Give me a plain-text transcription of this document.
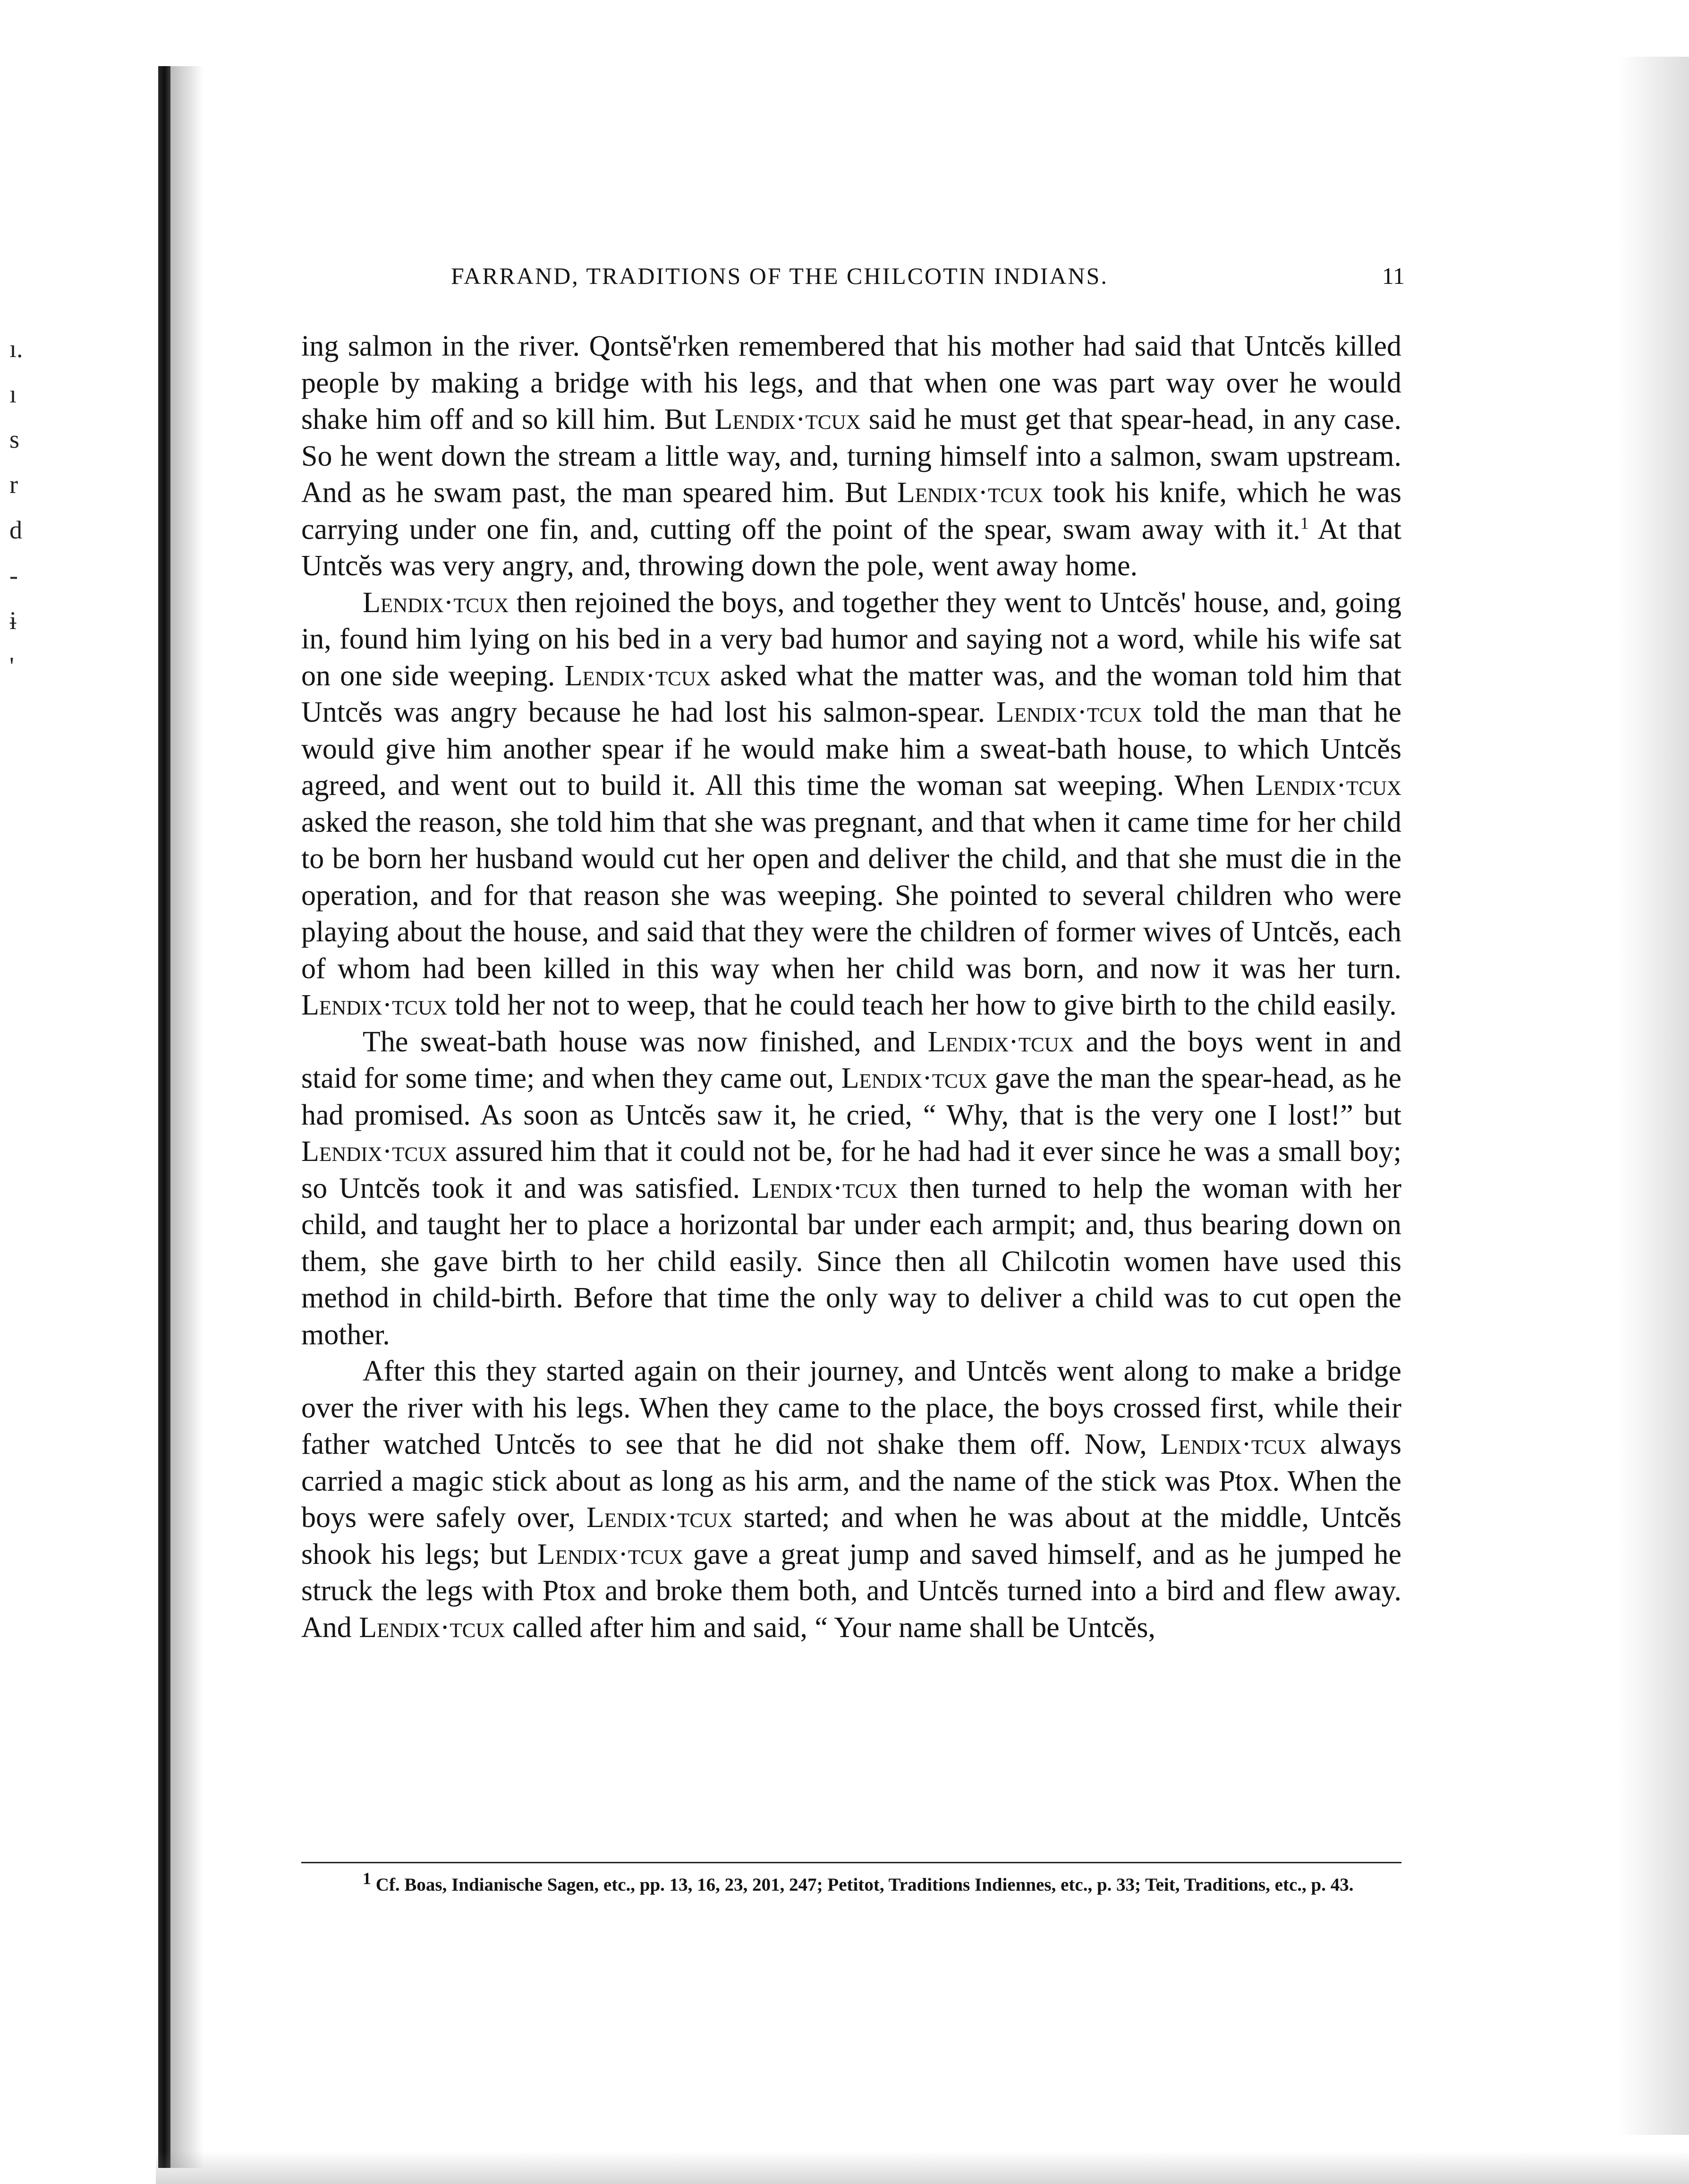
ı.
ı
s
r
d
-
ɨ
'
FARRAND, TRADITIONS OF THE CHILCOTIN INDIANS.	11

ing salmon in the river. Qontsĕ'rken remembered that his mother had said that Untcĕs killed people by making a bridge with his legs, and that when one was part way over he would shake him off and so kill him. But Lendix·tcux said he must get that spear-head, in any case. So he went down the stream a little way, and, turning himself into a salmon, swam upstream. And as he swam past, the man speared him. But Lendix·tcux took his knife, which he was carrying under one fin, and, cutting off the point of the spear, swam away with it.$^1$ At that Untcĕs was very angry, and, throwing down the pole, went away home.

Lendix·tcux then rejoined the boys, and together they went to Untcĕs' house, and, going in, found him lying on his bed in a very bad humor and saying not a word, while his wife sat on one side weeping. Lendix·tcux asked what the matter was, and the woman told him that Untcĕs was angry because he had lost his salmon-spear. Lendix·tcux told the man that he would give him another spear if he would make him a sweat-bath house, to which Untcĕs agreed, and went out to build it. All this time the woman sat weeping. When Lendix·tcux asked the reason, she told him that she was pregnant, and that when it came time for her child to be born her husband would cut her open and deliver the child, and that she must die in the operation, and for that reason she was weeping. She pointed to several children who were playing about the house, and said that they were the children of former wives of Untcĕs, each of whom had been killed in this way when her child was born, and now it was her turn. Lendix·tcux told her not to weep, that he could teach her how to give birth to the child easily.

The sweat-bath house was now finished, and Lendix·tcux and the boys went in and staid for some time; and when they came out, Lendix·tcux gave the man the spear-head, as he had promised. As soon as Untcĕs saw it, he cried, “ Why, that is the very one I lost!” but Lendix·tcux assured him that it could not be, for he had had it ever since he was a small boy; so Untcĕs took it and was satisfied. Lendix·tcux then turned to help the woman with her child, and taught her to place a horizontal bar under each armpit; and, thus bearing down on them, she gave birth to her child easily. Since then all Chilcotin women have used this method in child-birth. Before that time the only way to deliver a child was to cut open the mother.

After this they started again on their journey, and Untcĕs went along to make a bridge over the river with his legs. When they came to the place, the boys crossed first, while their father watched Untcĕs to see that he did not shake them off. Now, Lendix·tcux always carried a magic stick about as long as his arm, and the name of the stick was Ptox. When the boys were safely over, Lendix·tcux started; and when he was about at the middle, Untcĕs shook his legs; but Lendix·tcux gave a great jump and saved himself, and as he jumped he struck the legs with Ptox and broke them both, and Untcĕs turned into a bird and flew away. And Lendix·tcux called after him and said, “ Your name shall be Untcĕs,

$^1$ Cf. Boas, Indianische Sagen, etc., pp. 13, 16, 23, 201, 247; Petitot, Traditions Indiennes, etc., p. 33; Teit, Traditions, etc., p. 43.
